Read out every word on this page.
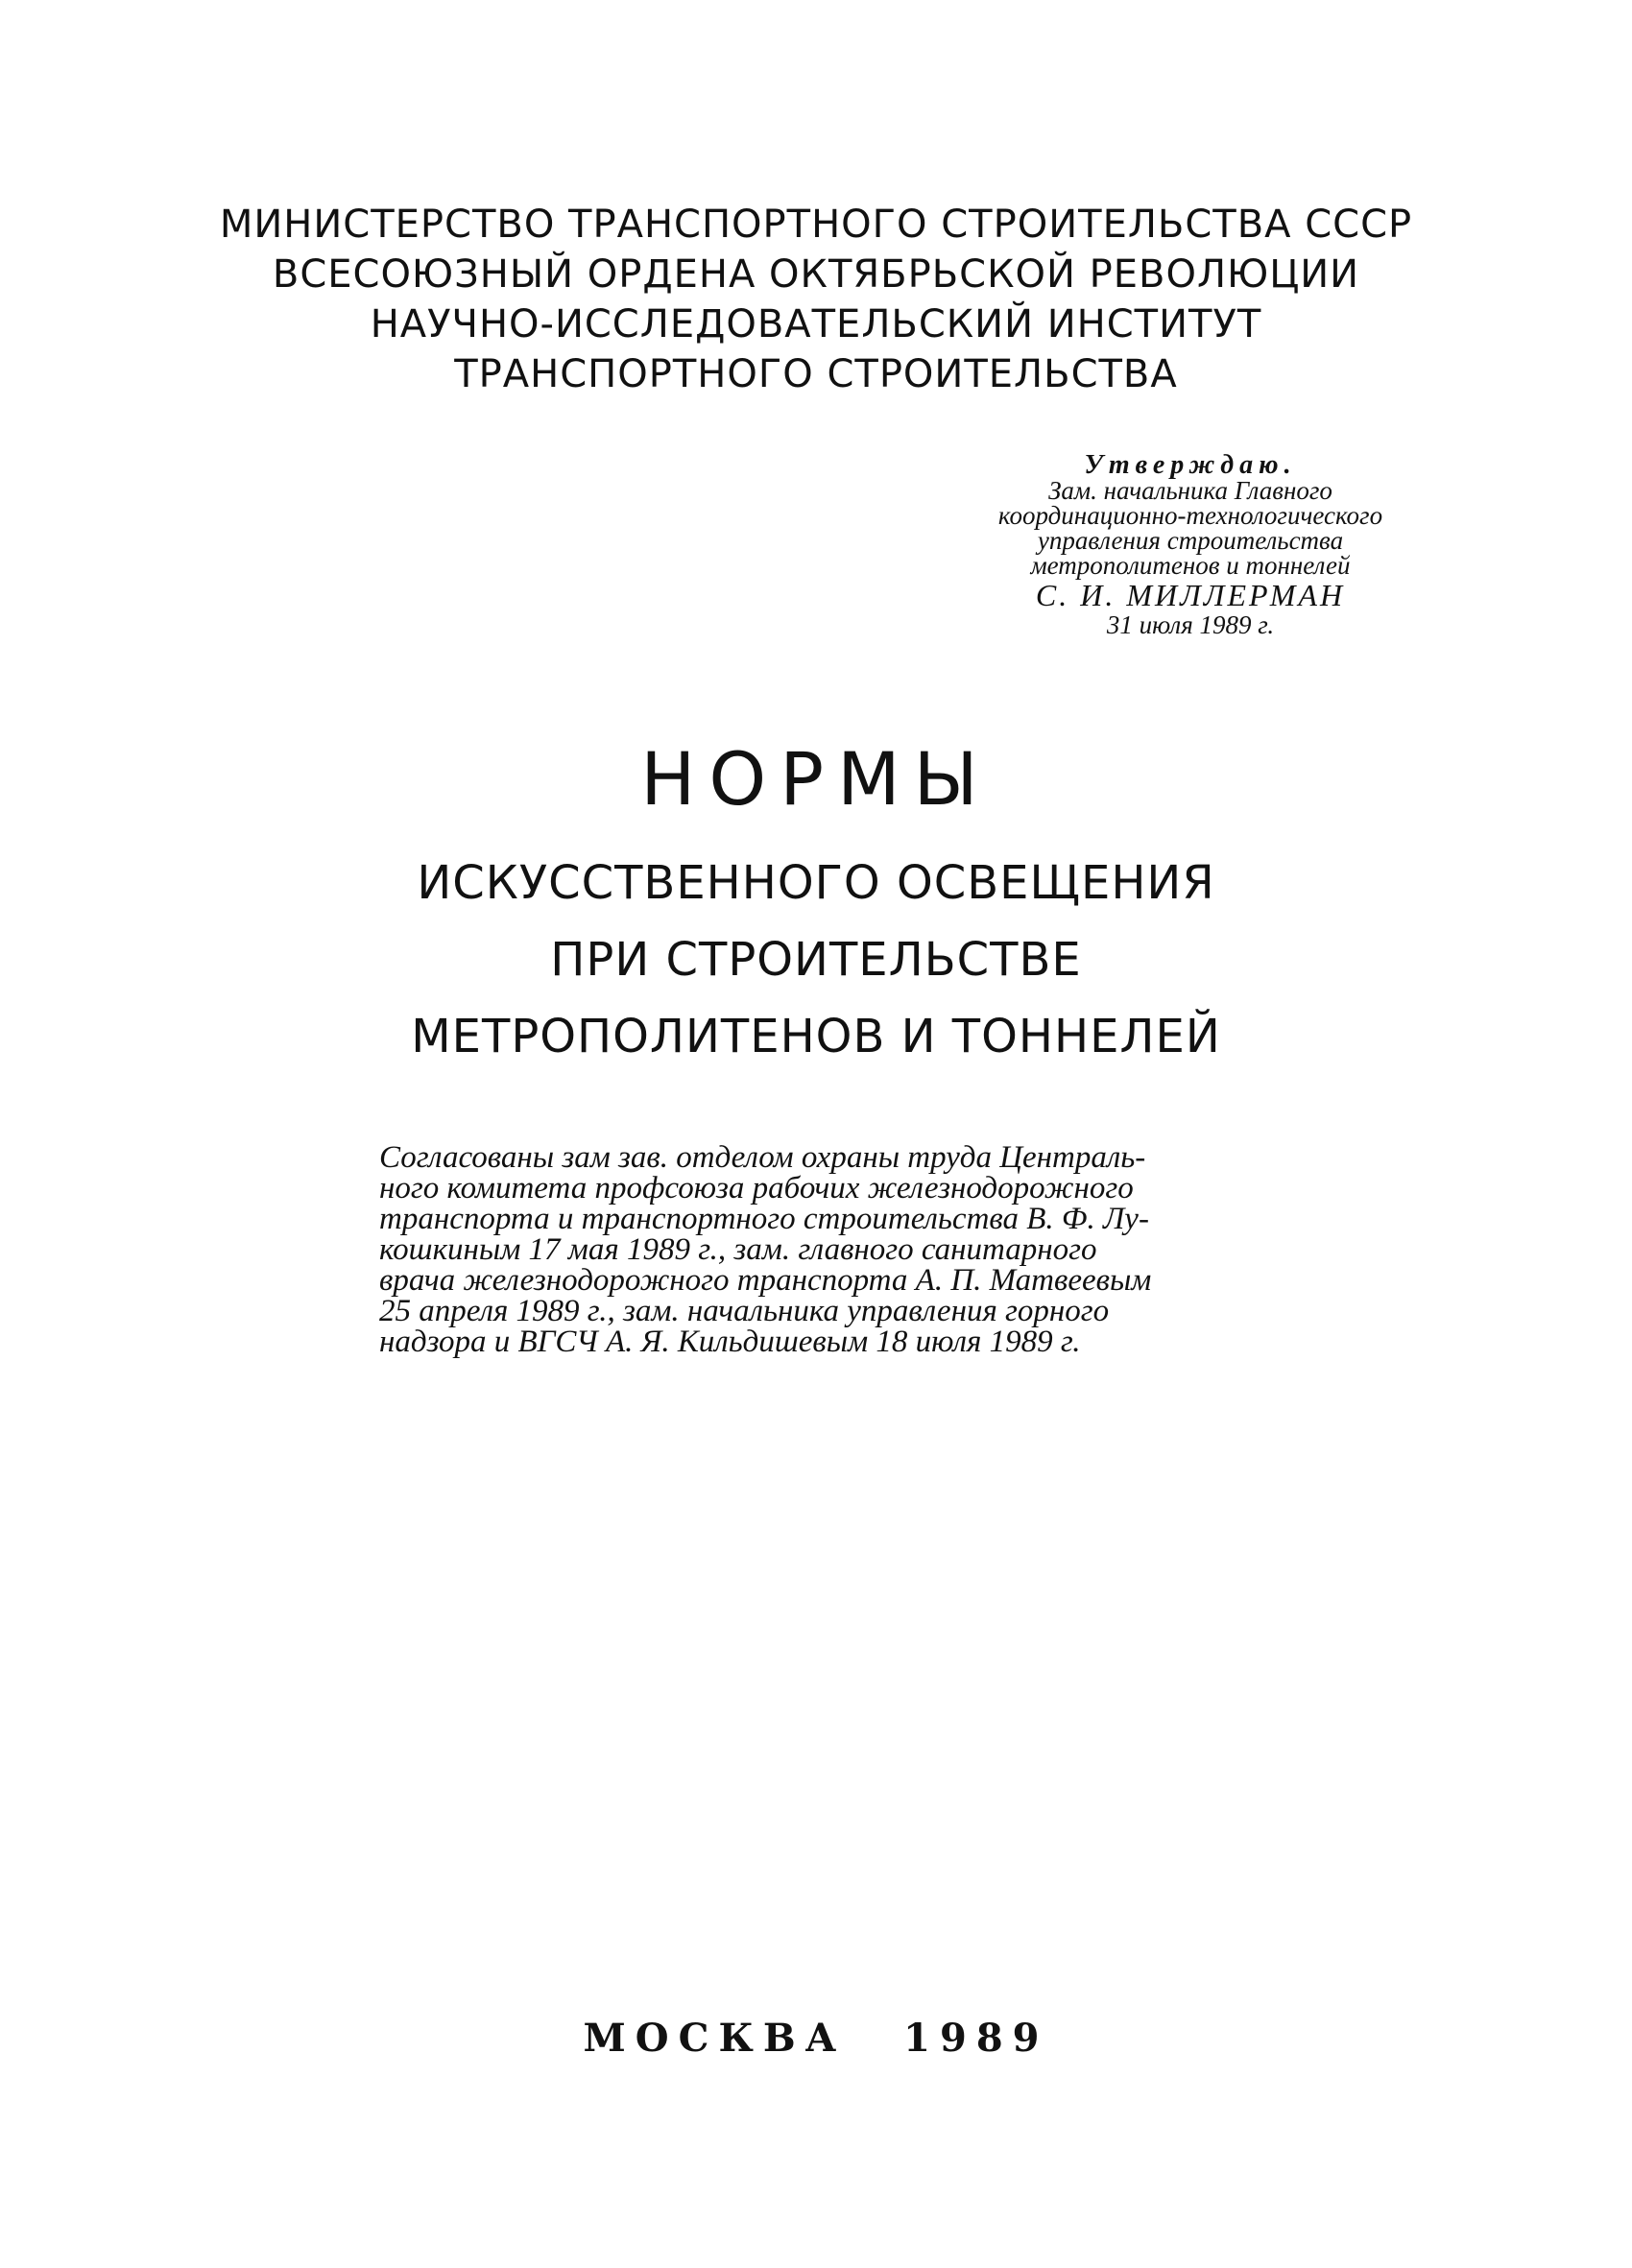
МИНИСТЕРСТВО ТРАНСПОРТНОГО СТРОИТЕЛЬСТВА СССР
ВСЕСОЮЗНЫЙ ОРДЕНА ОКТЯБРЬСКОЙ РЕВОЛЮЦИИ
НАУЧНО-ИССЛЕДОВАТЕЛЬСКИЙ ИНСТИТУТ
ТРАНСПОРТНОГО СТРОИТЕЛЬСТВА
Утверждаю.
Зам. начальника Главного
координационно-технологического
управления строительства
метрополитенов и тоннелей
С. И. МИЛЛЕРМАН
31 июля 1989 г.
НОРМЫ
ИСКУССТВЕННОГО ОСВЕЩЕНИЯ
ПРИ СТРОИТЕЛЬСТВЕ
МЕТРОПОЛИТЕНОВ И ТОННЕЛЕЙ
Согласованы зам зав. отделом охраны труда Централь-
ного комитета профсоюза рабочих железнодорожного
транспорта и транспортного строительства В. Ф. Лу-
кошкиным 17 мая 1989 г., зам. главного санитарного
врача железнодорожного транспорта А. П. Матвеевым
25 апреля 1989 г., зам. начальника управления горного
надзора и ВГСЧ А. Я. Кильдишевым 18 июля 1989 г.
МОСКВА 1989
